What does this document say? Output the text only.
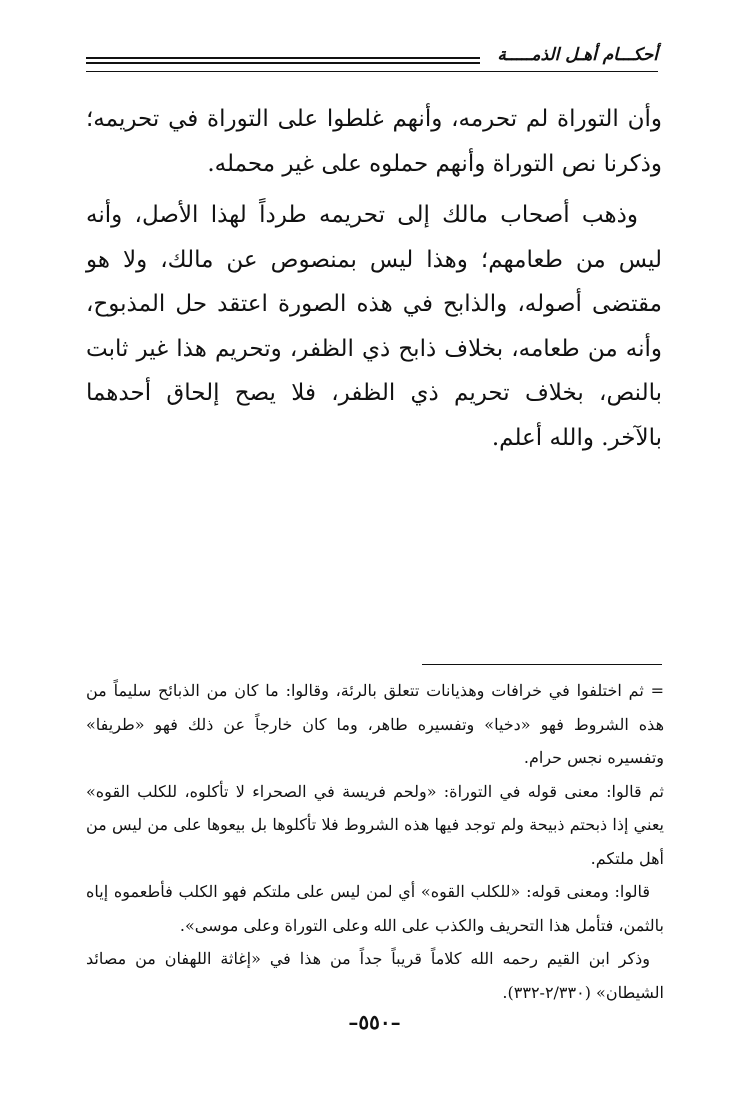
أحكـــام أهـل الذمـــــة

وأن التوراة لم تحرمه، وأنهم غلطوا على التوراة في تحريمه؛ وذكرنا نص التوراة وأنهم حملوه على غير محمله.

وذهب أصحاب مالك إلى تحريمه طرداً لهذا الأصل، وأنه ليس من طعامهم؛ وهذا ليس بمنصوص عن مالك، ولا هو مقتضى أصوله، والذابح في هذه الصورة اعتقد حل المذبوح، وأنه من طعامه، بخلاف ذابح ذي الظفر، وتحريم هذا غير ثابت بالنص، بخلاف تحريم ذي الظفر، فلا يصح إلحاق أحدهما بالآخر. والله أعلم.

= ثم اختلفوا في خرافات وهذيانات تتعلق بالرئة، وقالوا: ما كان من الذبائح سليماً من هذه الشروط فهو «دخيا» وتفسيره طاهر، وما كان خارجاً عن ذلك فهو «طريفا» وتفسيره نجس حرام.

ثم قالوا: معنى قوله في التوراة: «ولحم فريسة في الصحراء لا تأكلوه، للكلب القوه» يعني إذا ذبحتم ذبيحة ولم توجد فيها هذه الشروط فلا تأكلوها بل بيعوها على من ليس من أهل ملتكم.

قالوا: ومعنى قوله: «للكلب القوه» أي لمن ليس على ملتكم فهو الكلب فأطعموه إياه بالثمن، فتأمل هذا التحريف والكذب على الله وعلى التوراة وعلى موسى».

وذكر ابن القيم رحمه الله كلاماً قريباً جداً من هذا في «إغاثة اللهفان من مصائد الشيطان» (٢/٣٣٠-٣٣٢).

–٥٥٠–
